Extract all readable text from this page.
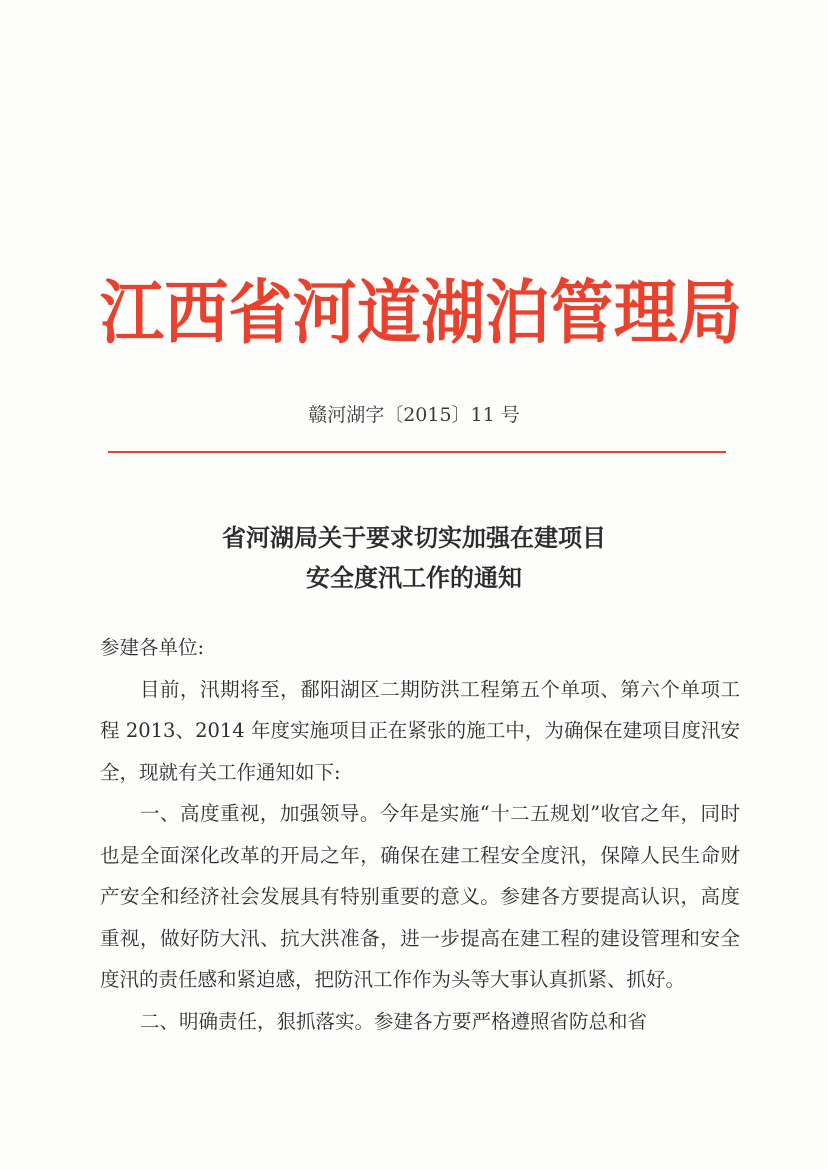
江 西 省 河 道 湖 泊 管 理 局
赣河湖字〔2015〕11 号
省河湖局关于要求切实加强在建项目
安全度汛工作的通知

参建各单位:

目前，汛期将至，鄱阳湖区二期防洪工程第五个单项、第六个单项工程 2013、2014 年度实施项目正在紧张的施工中，为确保在建项目度汛安全，现就有关工作通知如下:

一、高度重视，加强领导。今年是实施“十二五规划”收官之年，同时也是全面深化改革的开局之年，确保在建工程安全度汛，保障人民生命财产安全和经济社会发展具有特别重要的意义。参建各方要提高认识，高度重视，做好防大汛、抗大洪准备，进一步提高在建工程的建设管理和安全度汛的责任感和紧迫感，把防汛工作作为头等大事认真抓紧、抓好。

二、明确责任，狠抓落实。参建各方要严格遵照省防总和省
